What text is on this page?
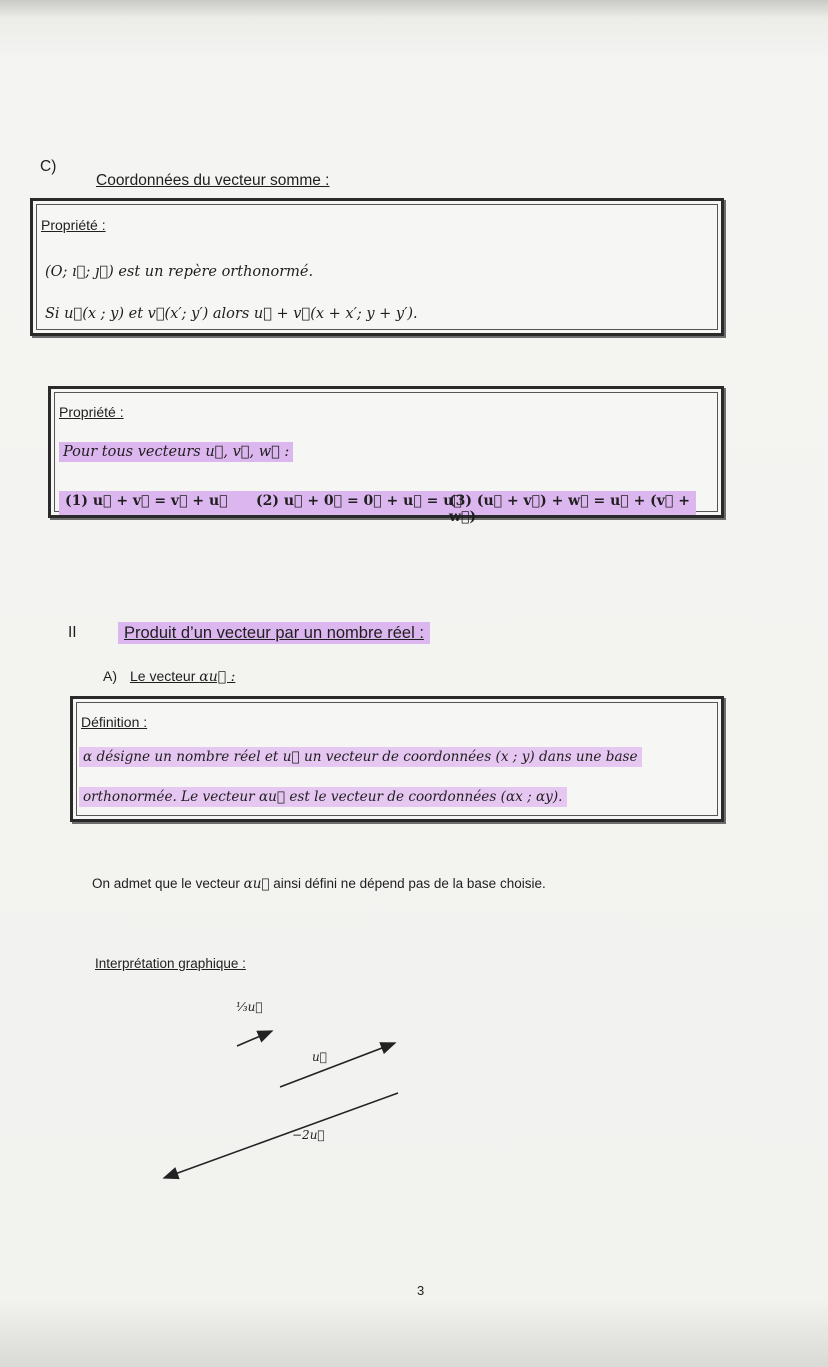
C)
Coordonnées du vecteur somme :
Propriété :
(O; ı⃗; ȷ⃗) est un repère orthonormé.
Si u⃗(x ; y) et v⃗(x′; y′) alors u⃗ + v⃗(x + x′; y + y′).
Propriété :
Pour tous vecteurs u⃗, v⃗, w⃗ :
(1) u⃗ + v⃗ = v⃗ + u⃗ (2) u⃗ + 0⃗ = 0⃗ + u⃗ = u⃗
(3) (u⃗ + v⃗) + w⃗ = u⃗ + (v⃗ + w⃗)
II	Produit d’un vecteur par un nombre réel :
A) Le vecteur αu⃗ :
Définition :
α désigne un nombre réel et u⃗ un vecteur de coordonnées (x ; y) dans une base
orthonormée. Le vecteur αu⃗ est le vecteur de coordonnées (αx ; αy).
On admet que le vecteur αu⃗ ainsi défini ne dépend pas de la base choisie.
Interprétation graphique :
⅓u⃗
u⃗
−2u⃗
3
